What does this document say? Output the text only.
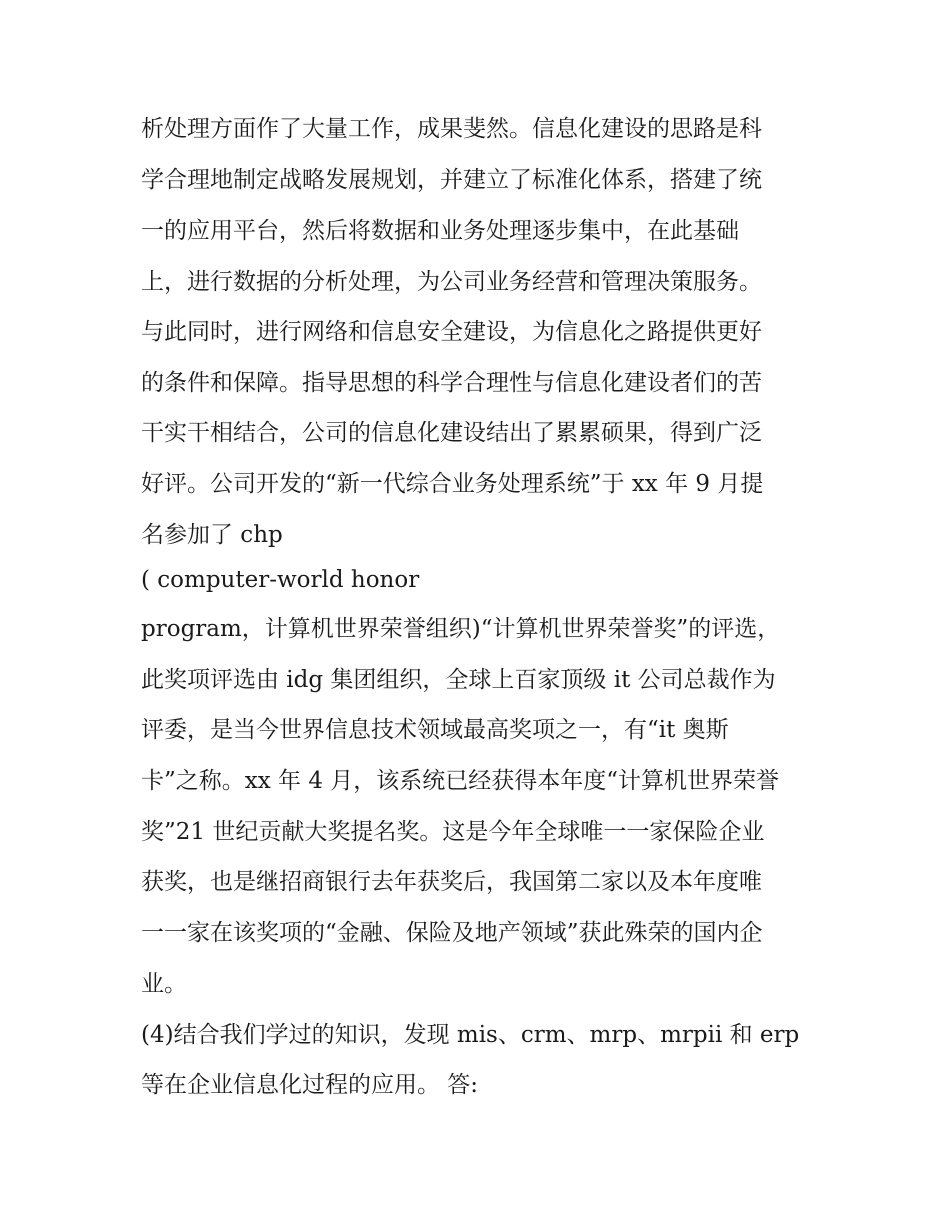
析处理方面作了大量工作，成果斐然。信息化建设的思路是科
学合理地制定战略发展规划，并建立了标准化体系，搭建了统
一的应用平台，然后将数据和业务处理逐步集中，在此基础
上，进行数据的分析处理，为公司业务经营和管理决策服务。
与此同时，进行网络和信息安全建设，为信息化之路提供更好
的条件和保障。指导思想的科学合理性与信息化建设者们的苦
干实干相结合，公司的信息化建设结出了累累硕果，得到广泛
好评。公司开发的“新一代综合业务处理系统”于 xx 年 9 月提
名参加了 chp
( computer-world honor
program，计算机世界荣誉组织)“计算机世界荣誉奖”的评选，
此奖项评选由 idg 集团组织，全球上百家顶级 it 公司总裁作为
评委，是当今世界信息技术领域最高奖项之一，有“it 奥斯
卡”之称。xx 年 4 月，该系统已经获得本年度“计算机世界荣誉
奖”21 世纪贡献大奖提名奖。这是今年全球唯一一家保险企业
获奖，也是继招商银行去年获奖后，我国第二家以及本年度唯
一一家在该奖项的“金融、保险及地产领域”获此殊荣的国内企
业。
(4)结合我们学过的知识，发现 mis、crm、mrp、mrpii 和 erp
等在企业信息化过程的应用。 答:
